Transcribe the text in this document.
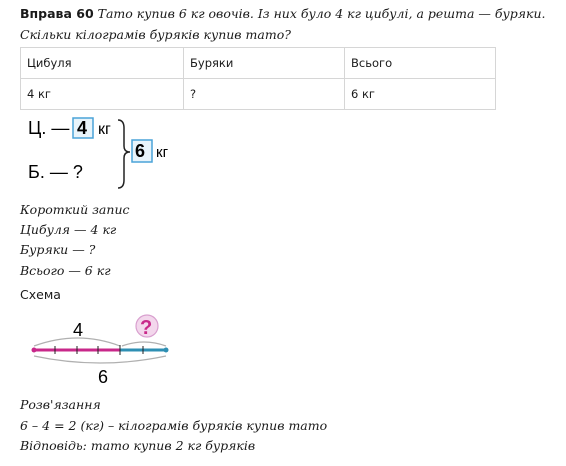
Вправа 60 Тато купив 6 кг овочів. Із них було 4 кг цибулі, а решта — буряки.
Скільки кілограмів буряків купив тато?
Цибуля	Буряки	Всього
4 кг	?	6 кг
Ц. — 4 кг
Б. — ?
6 кг
Короткий запис
Цибуля — 4 кг
Буряки — ?
Всього — 6 кг
Схема
4	?
6
Розв'язання
6 – 4 = 2 (кг) – кілограмів буряків купив тато
Відповідь: тато купив 2 кг буряків
